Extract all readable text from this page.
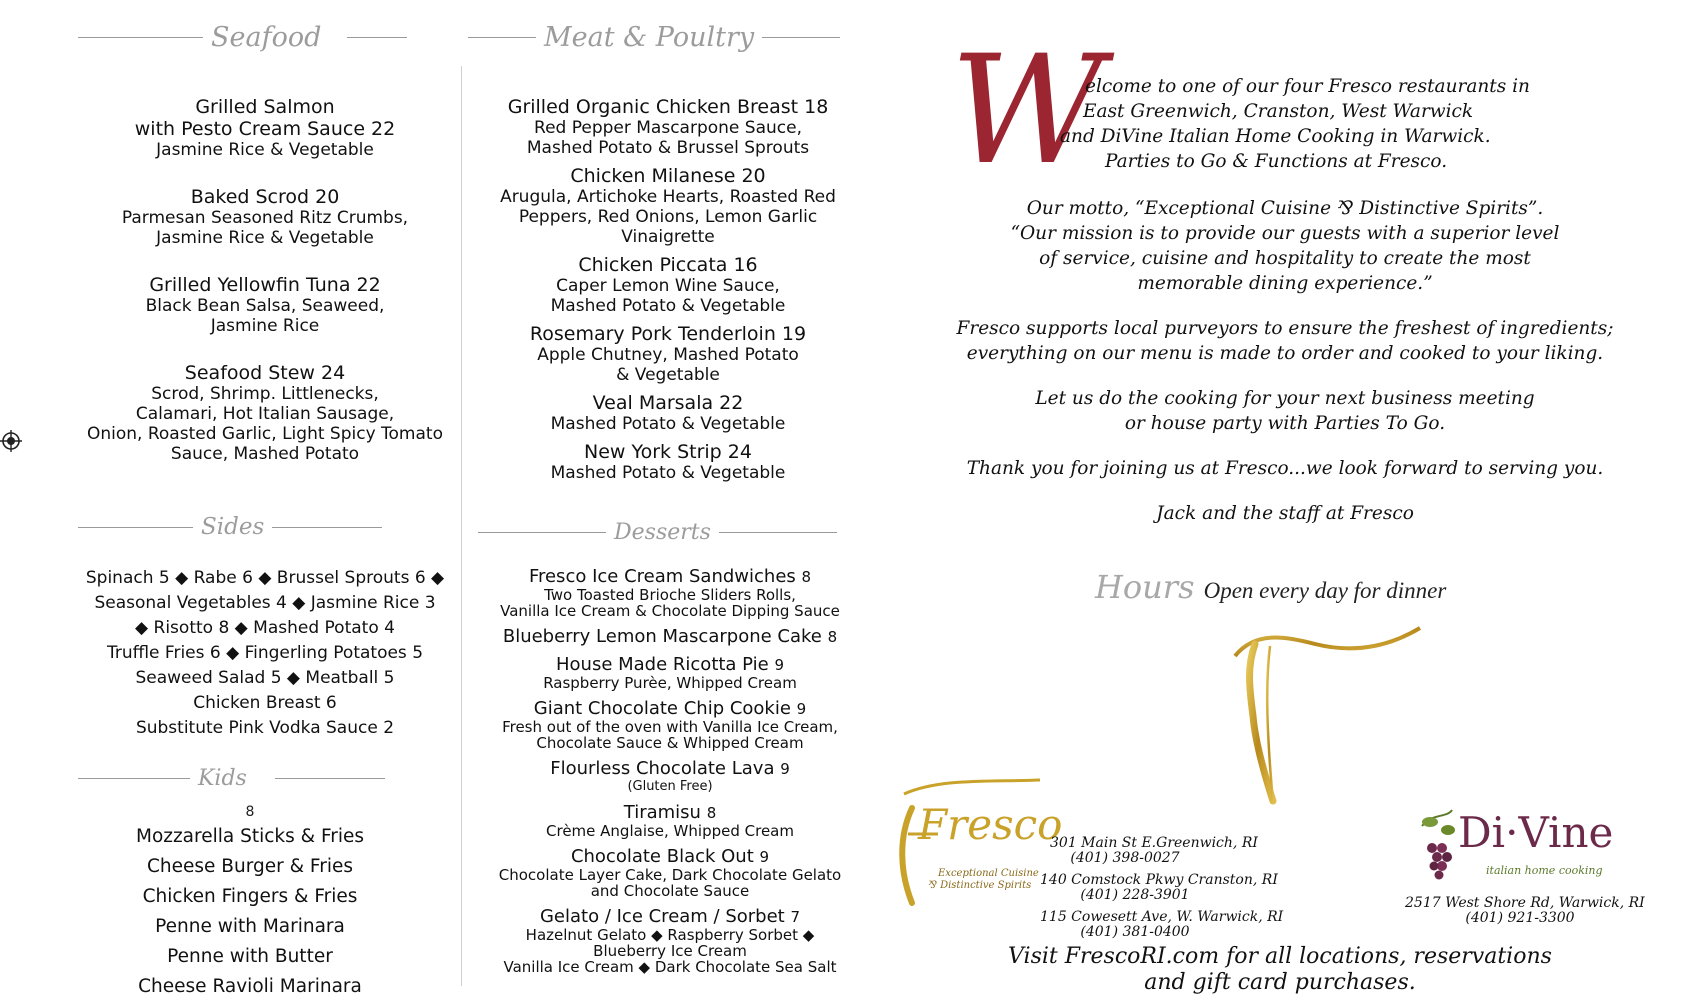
Seafood
Grilled Salmon
with Pesto Cream Sauce 22
Jasmine Rice & Vegetable
Baked Scrod 20
Parmesan Seasoned Ritz Crumbs,
Jasmine Rice & Vegetable
Grilled Yellowfin Tuna 22
Black Bean Salsa, Seaweed,
Jasmine Rice
Seafood Stew 24
Scrod, Shrimp. Littlenecks,
Calamari, Hot Italian Sausage,
Onion, Roasted Garlic, Light Spicy Tomato
Sauce, Mashed Potato
Sides
Spinach 5 ◆ Rabe 6 ◆ Brussel Sprouts 6 ◆
Seasonal Vegetables 4 ◆ Jasmine Rice 3
◆ Risotto 8 ◆ Mashed Potato 4
Truffle Fries 6 ◆ Fingerling Potatoes 5
Seaweed Salad 5 ◆ Meatball 5
Chicken Breast 6
Substitute Pink Vodka Sauce 2
Kids
8
Mozzarella Sticks & Fries
Cheese Burger & Fries
Chicken Fingers & Fries
Penne with Marinara
Penne with Butter
Cheese Ravioli Marinara
Meat & Poultry
Grilled Organic Chicken Breast 18
Red Pepper Mascarpone Sauce,
Mashed Potato & Brussel Sprouts
Chicken Milanese 20
Arugula, Artichoke Hearts, Roasted Red
Peppers, Red Onions, Lemon Garlic
Vinaigrette
Chicken Piccata 16
Caper Lemon Wine Sauce,
Mashed Potato & Vegetable
Rosemary Pork Tenderloin 19
Apple Chutney, Mashed Potato
& Vegetable
Veal Marsala 22
Mashed Potato & Vegetable
New York Strip 24
Mashed Potato & Vegetable
Desserts
Fresco Ice Cream Sandwiches 8
Two Toasted Brioche Sliders Rolls,
Vanilla Ice Cream & Chocolate Dipping Sauce
Blueberry Lemon Mascarpone Cake 8
House Made Ricotta Pie 9
Raspberry Purèe, Whipped Cream
Giant Chocolate Chip Cookie 9
Fresh out of the oven with Vanilla Ice Cream,
Chocolate Sauce & Whipped Cream
Flourless Chocolate Lava 9
(Gluten Free)
Tiramisu 8
Crème Anglaise, Whipped Cream
Chocolate Black Out 9
Chocolate Layer Cake, Dark Chocolate Gelato
and Chocolate Sauce
Gelato / Ice Cream / Sorbet 7
Hazelnut Gelato ◆ Raspberry Sorbet ◆
Blueberry Ice Cream
Vanilla Ice Cream ◆ Dark Chocolate Sea Salt
W
elcome to one of our four Fresco restaurants in
East Greenwich, Cranston, West Warwick
and DiVine Italian Home Cooking in Warwick.
Parties to Go & Functions at Fresco.
Our motto, “Exceptional Cuisine ⅋ Distinctive Spirits”.
“Our mission is to provide our guests with a superior level
of service, cuisine and hospitality to create the most
memorable dining experience.”
Fresco supports local purveyors to ensure the freshest of ingredients;
everything on our menu is made to order and cooked to your liking.
Let us do the cooking for your next business meeting
or house party with Parties To Go.
Thank you for joining us at Fresco...we look forward to serving you.
Jack and the staff at Fresco
Hours Open every day for dinner
Fresco
Exceptional Cuisine
⅋ Distinctive Spirits
301 Main St E.Greenwich, RI
(401) 398-0027
140 Comstock Pkwy Cranston, RI
(401) 228-3901
115 Cowesett Ave, W. Warwick, RI
(401) 381-0400
Di·Vine
italian home cooking
2517 West Shore Rd, Warwick, RI
(401) 921-3300
Visit FrescoRI.com for all locations, reservations
and gift card purchases.
